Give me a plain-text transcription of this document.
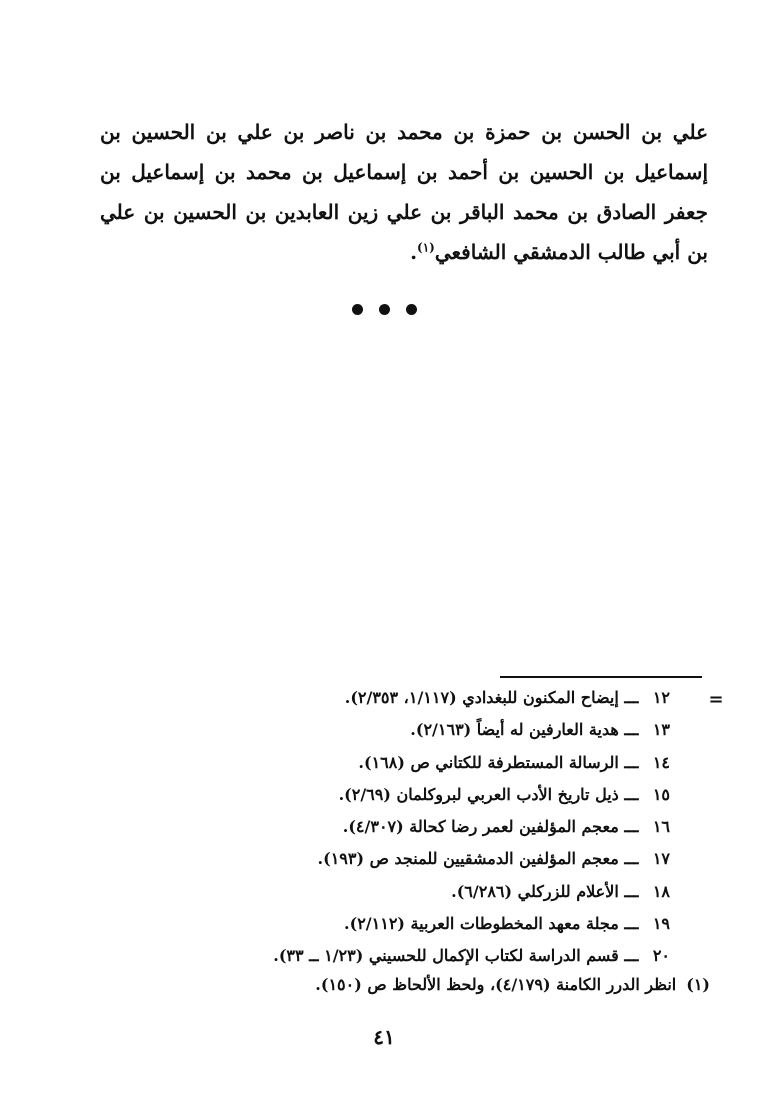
علي بن الحسن بن حمزة بن محمد بن ناصر بن علي بن الحسين بن إسماعيل بن الحسين بن أحمد بن إسماعيل بن محمد بن إسماعيل بن جعفر الصادق بن محمد الباقر بن علي زين العابدين بن الحسين بن علي بن أبي طالب الدمشقي الشافعي$^{(١)}$.

=
١٢ ـــ إيضاح المكنون للبغدادي (١/١١٧، ٢/٣٥٣).
١٣ ـــ هدية العارفين له أيضاً (٢/١٦٣).
١٤ ـــ الرسالة المستطرفة للكتاني ص (١٦٨).
١٥ ـــ ذيل تاريخ الأدب العربي لبروكلمان (٢/٦٩).
١٦ ـــ معجم المؤلفين لعمر رضا كحالة (٤/٣٠٧).
١٧ ـــ معجم المؤلفين الدمشقيين للمنجد ص (١٩٣).
١٨ ـــ الأعلام للزركلي (٦/٢٨٦).
١٩ ـــ مجلة معهد المخطوطات العربية (٢/١١٢).
٢٠ ـــ قسم الدراسة لكتاب الإكمال للحسيني (١/٢٣ ــ ٣٣).
(١)انظر الدرر الكامنة (٤/١٧٩)، ولحظ الألحاظ ص (١٥٠).
٤١
